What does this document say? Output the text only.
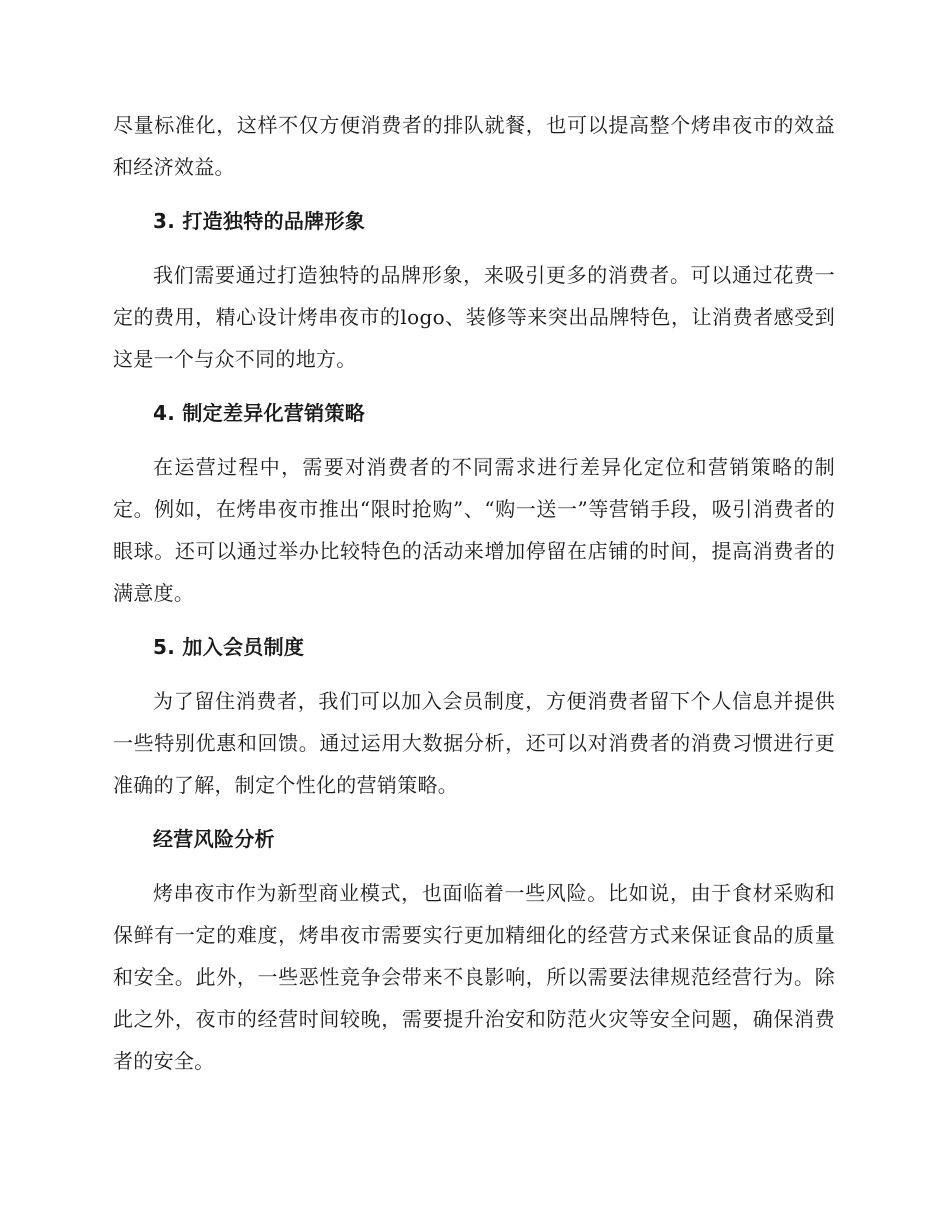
尽量标准化，这样不仅方便消费者的排队就餐，也可以提高整个烤串夜市的效益和经济效益。

3. 打造独特的品牌形象

我们需要通过打造独特的品牌形象，来吸引更多的消费者。可以通过花费一定的费用，精心设计烤串夜市的logo、装修等来突出品牌特色，让消费者感受到这是一个与众不同的地方。

4. 制定差异化营销策略

在运营过程中，需要对消费者的不同需求进行差异化定位和营销策略的制定。例如，在烤串夜市推出“限时抢购”、“购一送一”等营销手段，吸引消费者的眼球。还可以通过举办比较特色的活动来增加停留在店铺的时间，提高消费者的满意度。

5. 加入会员制度

为了留住消费者，我们可以加入会员制度，方便消费者留下个人信息并提供一些特别优惠和回馈。通过运用大数据分析，还可以对消费者的消费习惯进行更准确的了解，制定个性化的营销策略。

经营风险分析

烤串夜市作为新型商业模式，也面临着一些风险。比如说，由于食材采购和保鲜有一定的难度，烤串夜市需要实行更加精细化的经营方式来保证食品的质量和安全。此外，一些恶性竞争会带来不良影响，所以需要法律规范经营行为。除此之外，夜市的经营时间较晚，需要提升治安和防范火灾等安全问题，确保消费者的安全。
